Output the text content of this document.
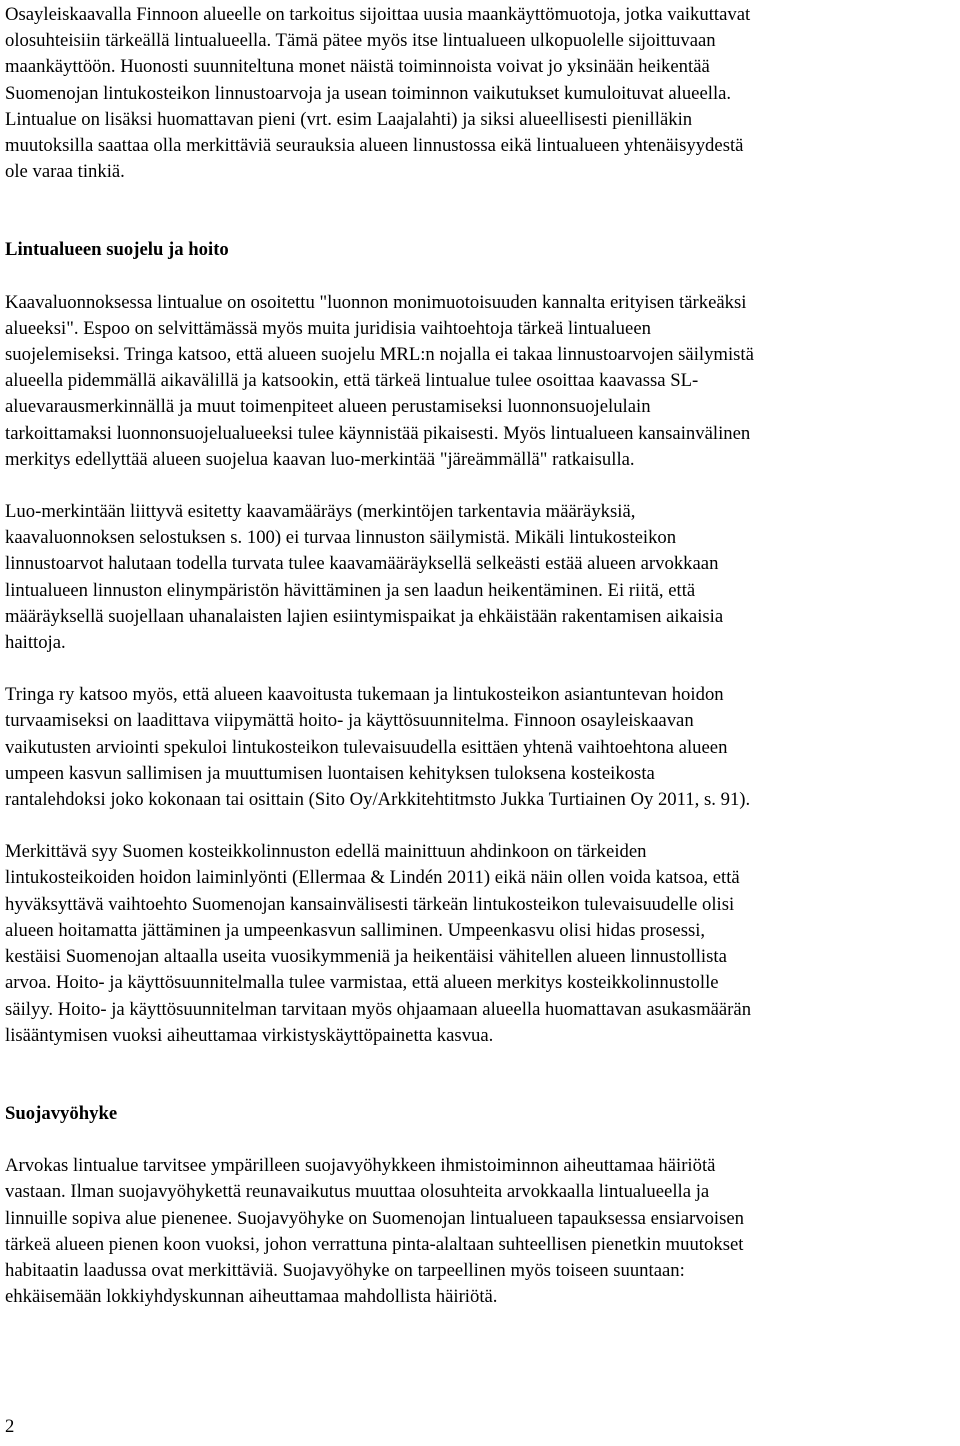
Osayleiskaavalla Finnoon alueelle on tarkoitus sijoittaa uusia maankäyttömuotoja, jotka vaikuttavat
olosuhteisiin tärkeällä lintualueella. Tämä pätee myös itse lintualueen ulkopuolelle sijoittuvaan
maankäyttöön. Huonosti suunniteltuna monet näistä toiminnoista voivat jo yksinään heikentää
Suomenojan lintukosteikon linnustoarvoja ja usean toiminnon vaikutukset kumuloituvat alueella.
Lintualue on lisäksi huomattavan pieni (vrt. esim Laajalahti) ja siksi alueellisesti pienilläkin
muutoksilla saattaa olla merkittäviä seurauksia alueen linnustossa eikä lintualueen yhtenäisyydestä
ole varaa tinkiä.

Lintualueen suojelu ja hoito

Kaavaluonnoksessa lintualue on osoitettu "luonnon monimuotoisuuden kannalta erityisen tärkeäksi
alueeksi". Espoo on selvittämässä myös muita juridisia vaihtoehtoja tärkeä lintualueen
suojelemiseksi. Tringa katsoo, että alueen suojelu MRL:n nojalla ei takaa linnustoarvojen säilymistä
alueella pidemmällä aikavälillä ja katsookin, että tärkeä lintualue tulee osoittaa kaavassa SL-
aluevarausmerkinnällä ja muut toimenpiteet alueen perustamiseksi luonnonsuojelulain
tarkoittamaksi luonnonsuojelualueeksi tulee käynnistää pikaisesti. Myös lintualueen kansainvälinen
merkitys edellyttää alueen suojelua kaavan luo-merkintää "järeämmällä" ratkaisulla.

Luo-merkintään liittyvä esitetty kaavamääräys (merkintöjen tarkentavia määräyksiä,
kaavaluonnoksen selostuksen s. 100) ei turvaa linnuston säilymistä. Mikäli lintukosteikon
linnustoarvot halutaan todella turvata tulee kaavamääräyksellä selkeästi estää alueen arvokkaan
lintualueen linnuston elinympäristön hävittäminen ja sen laadun heikentäminen. Ei riitä, että
määräyksellä suojellaan uhanalaisten lajien esiintymispaikat ja ehkäistään rakentamisen aikaisia
haittoja.

Tringa ry katsoo myös, että alueen kaavoitusta tukemaan ja lintukosteikon asiantuntevan hoidon
turvaamiseksi on laadittava viipymättä hoito- ja käyttösuunnitelma. Finnoon osayleiskaavan
vaikutusten arviointi spekuloi lintukosteikon tulevaisuudella esittäen yhtenä vaihtoehtona alueen
umpeen kasvun sallimisen ja muuttumisen luontaisen kehityksen tuloksena kosteikosta
rantalehdoksi joko kokonaan tai osittain (Sito Oy/Arkkitehtitmsto Jukka Turtiainen Oy 2011, s. 91).

Merkittävä syy Suomen kosteikkolinnuston edellä mainittuun ahdinkoon on tärkeiden
lintukosteikoiden hoidon laiminlyönti (Ellermaa & Lindén 2011) eikä näin ollen voida katsoa, että
hyväksyttävä vaihtoehto Suomenojan kansainvälisesti tärkeän lintukosteikon tulevaisuudelle olisi
alueen hoitamatta jättäminen ja umpeenkasvun salliminen. Umpeenkasvu olisi hidas prosessi,
kestäisi Suomenojan altaalla useita vuosikymmeniä ja heikentäisi vähitellen alueen linnustollista
arvoa. Hoito- ja käyttösuunnitelmalla tulee varmistaa, että alueen merkitys kosteikkolinnustolle
säilyy. Hoito- ja käyttösuunnitelman tarvitaan myös ohjaamaan alueella huomattavan asukasmäärän
lisääntymisen vuoksi aiheuttamaa virkistyskäyttöpainetta kasvua.

Suojavyöhyke

Arvokas lintualue tarvitsee ympärilleen suojavyöhykkeen ihmistoiminnon aiheuttamaa häiriötä
vastaan. Ilman suojavyöhykettä reunavaikutus muuttaa olosuhteita arvokkaalla lintualueella ja
linnuille sopiva alue pienenee. Suojavyöhyke on Suomenojan lintualueen tapauksessa ensiarvoisen
tärkeä alueen pienen koon vuoksi, johon verrattuna pinta-alaltaan suhteellisen pienetkin muutokset
habitaatin laadussa ovat merkittäviä. Suojavyöhyke on tarpeellinen myös toiseen suuntaan:
ehkäisemään lokkiyhdyskunnan aiheuttamaa mahdollista häiriötä.

2
